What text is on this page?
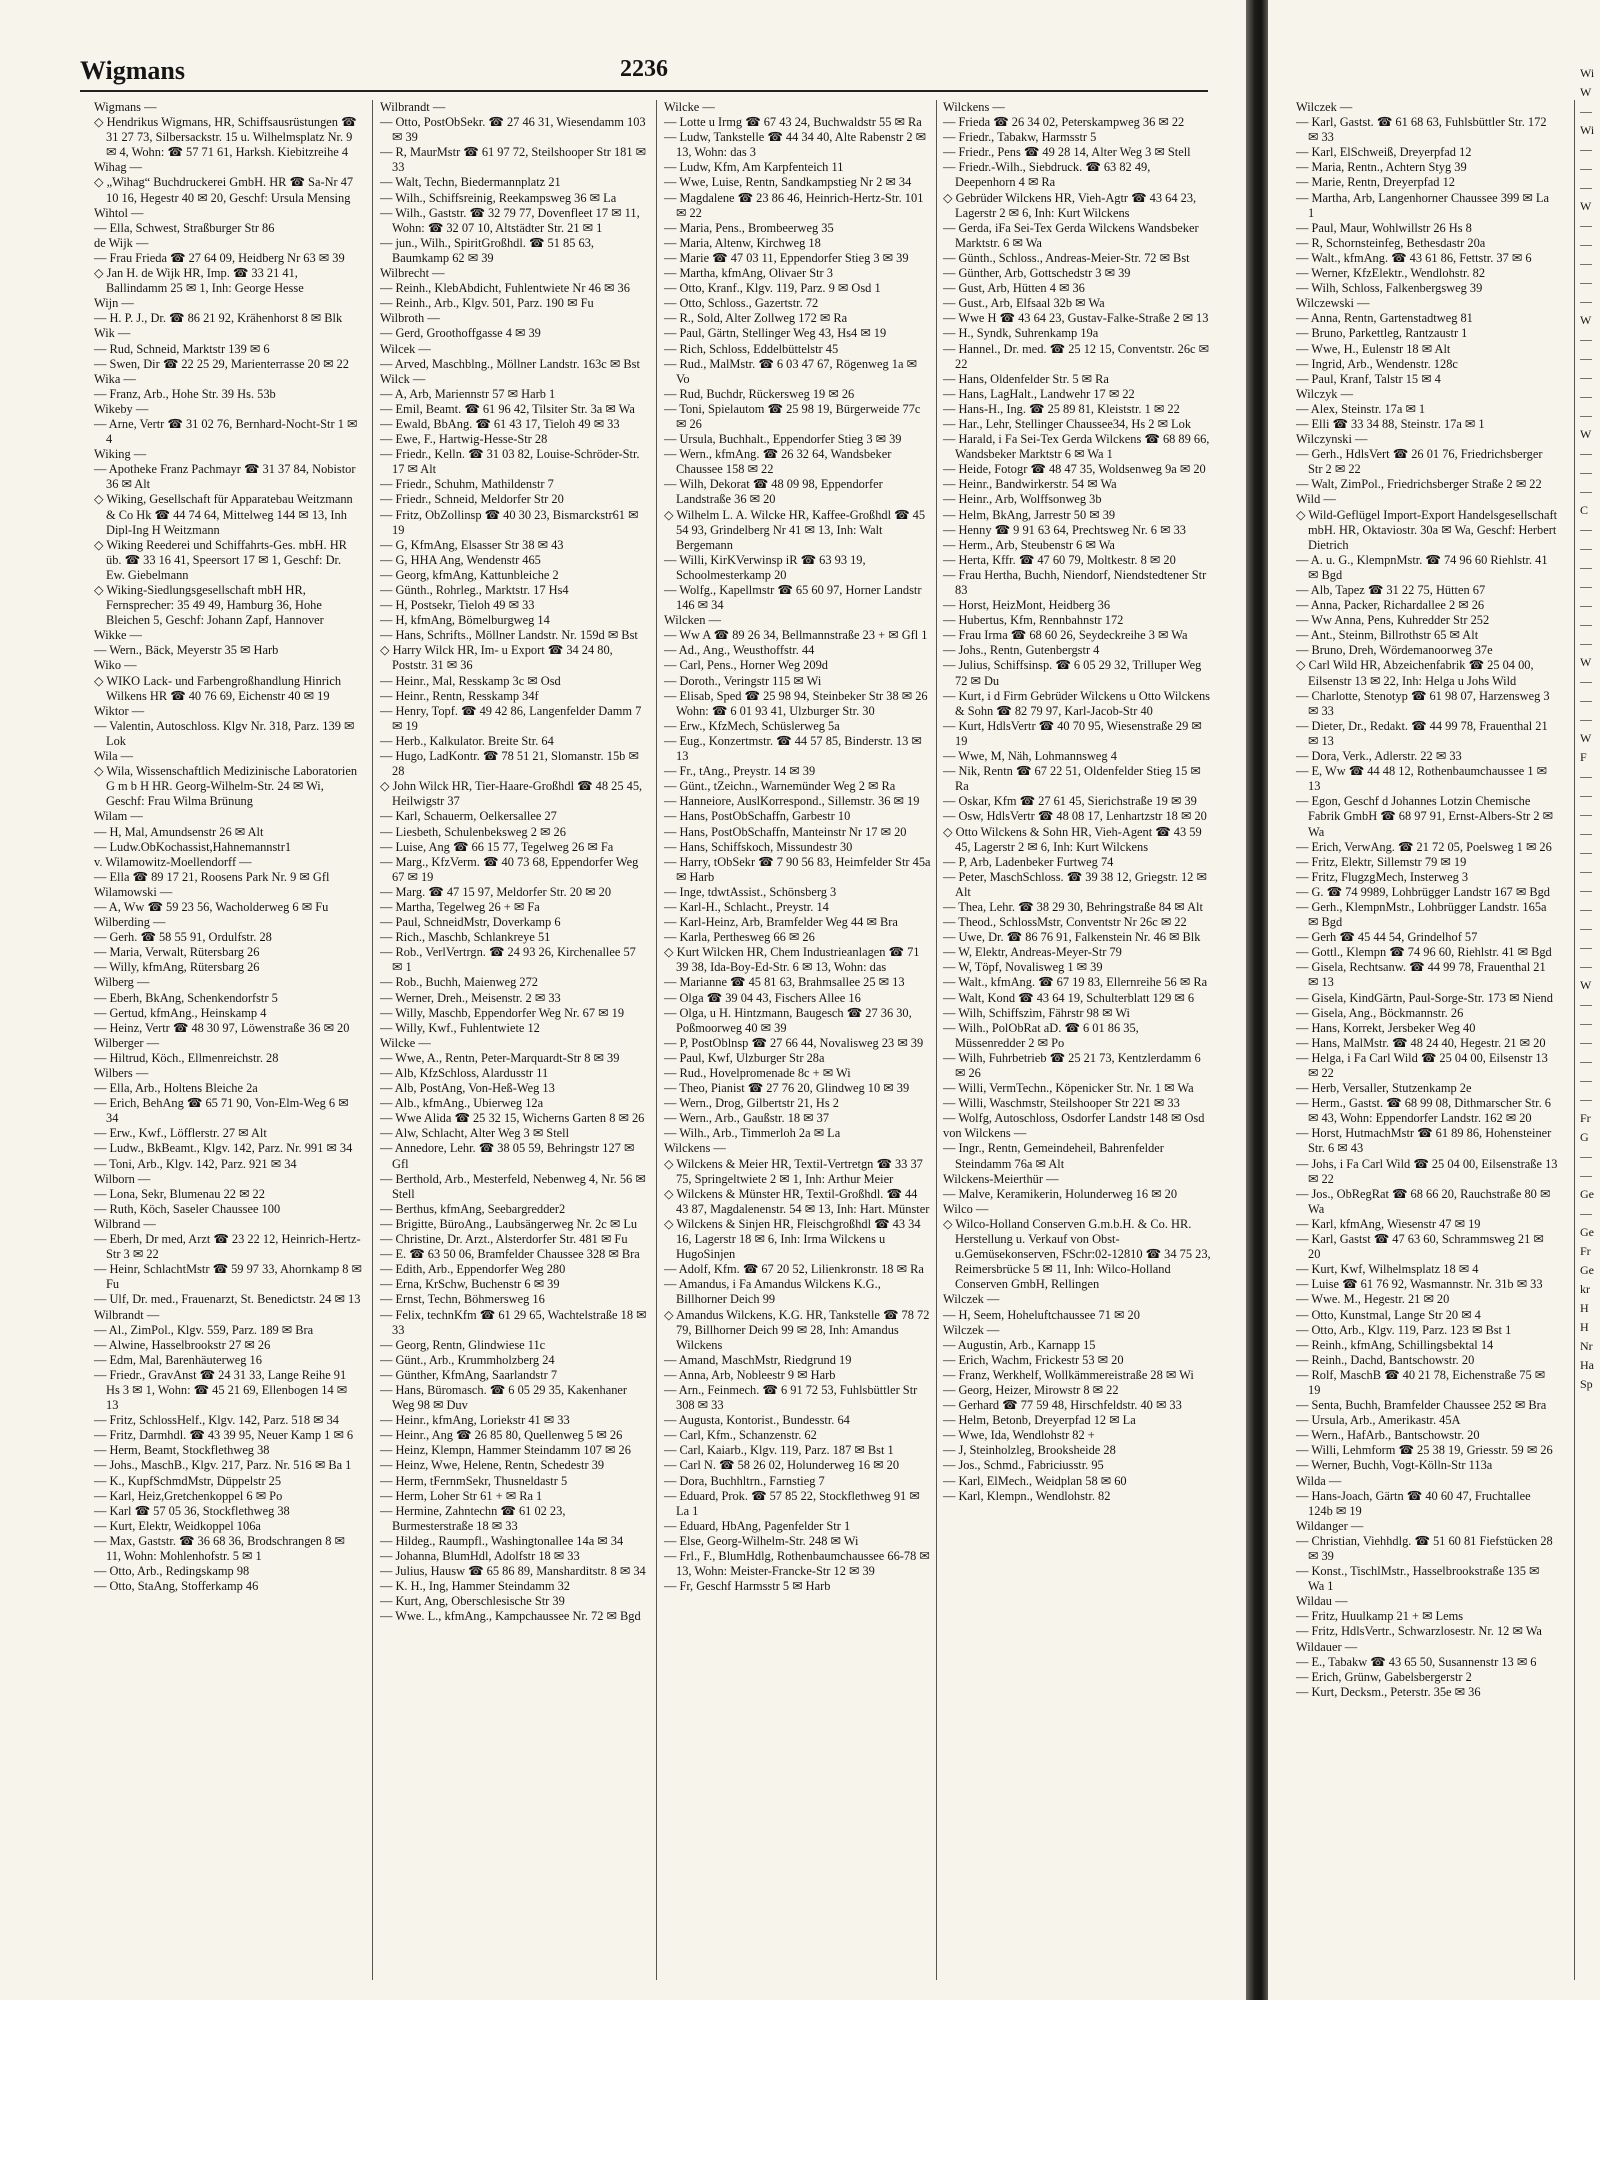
Wigmans	2236

Wigmans —

◇ Hendrikus Wigmans, HR, Schiffsausrüstungen ☎ 31 27 73, Silbersackstr. 15 u. Wilhelmsplatz Nr. 9 ✉ 4, Wohn: ☎ 57 71 61, Harksh. Kiebitzreihe 4

Wihag —

◇ „Wihag“ Buchdruckerei GmbH. HR ☎ Sa-Nr 47 10 16, Hegestr 40 ✉ 20, Geschf: Ursula Mensing

Wihtol —

— Ella, Schwest, Straßburger Str 86

de Wijk —

— Frau Frieda ☎ 27 64 09, Heidberg Nr 63 ✉ 39

◇ Jan H. de Wijk HR, Imp. ☎ 33 21 41, Ballindamm 25 ✉ 1, Inh: George Hesse

Wijn —

— H. P. J., Dr. ☎ 86 21 92, Krähenhorst 8 ✉ Blk

Wik —

— Rud, Schneid, Marktstr 139 ✉ 6

— Swen, Dir ☎ 22 25 29, Marienterrasse 20 ✉ 22

Wika —

— Franz, Arb., Hohe Str. 39 Hs. 53b

Wikeby —

— Arne, Vertr ☎ 31 02 76, Bernhard-Nocht-Str 1 ✉ 4

Wiking —

— Apotheke Franz Pachmayr ☎ 31 37 84, Nobistor 36 ✉ Alt

◇ Wiking, Gesellschaft für Apparatebau Weitzmann & Co Hk ☎ 44 74 64, Mittelweg 144 ✉ 13, Inh Dipl-Ing H Weitzmann

◇ Wiking Reederei und Schiffahrts-Ges. mbH. HR üb. ☎ 33 16 41, Speersort 17 ✉ 1, Geschf: Dr. Ew. Giebelmann

◇ Wiking-Siedlungsgesellschaft mbH HR, Fernsprecher: 35 49 49, Hamburg 36, Hohe Bleichen 5, Geschf: Johann Zapf, Hannover

Wikke —

— Wern., Bäck, Meyerstr 35 ✉ Harb

Wiko —

◇ WIKO Lack- und Farbengroßhandlung Hinrich Wilkens HR ☎ 40 76 69, Eichenstr 40 ✉ 19

Wiktor —

— Valentin, Autoschloss. Klgv Nr. 318, Parz. 139 ✉ Lok

Wila —

◇ Wila, Wissenschaftlich Medizinische Laboratorien G m b H HR. Georg-Wilhelm-Str. 24 ✉ Wi, Geschf: Frau Wilma Brünung

Wilam —

— H, Mal, Amundsenstr 26 ✉ Alt

— Ludw.ObKochassist,Hahnemannstr1

v. Wilamowitz-Moellendorff —

— Ella ☎ 89 17 21, Roosens Park Nr. 9 ✉ Gfl

Wilamowski —

— A, Ww ☎ 59 23 56, Wacholderweg 6 ✉ Fu

Wilberding —

— Gerh. ☎ 58 55 91, Ordulfstr. 28

— Maria, Verwalt, Rütersbarg 26

— Willy, kfmAng, Rütersbarg 26

Wilberg —

— Eberh, BkAng, Schenkendorfstr 5

— Gertud, kfmAng., Heinskamp 4

— Heinz, Vertr ☎ 48 30 97, Löwenstraße 36 ✉ 20

Wilberger —

— Hiltrud, Köch., Ellmenreichstr. 28

Wilbers —

— Ella, Arb., Holtens Bleiche 2a

— Erich, BehAng ☎ 65 71 90, Von-Elm-Weg 6 ✉ 34

— Erw., Kwf., Löfflerstr. 27 ✉ Alt

— Ludw., BkBeamt., Klgv. 142, Parz. Nr. 991 ✉ 34

— Toni, Arb., Klgv. 142, Parz. 921 ✉ 34

Wilborn —

— Lona, Sekr, Blumenau 22 ✉ 22

— Ruth, Köch, Saseler Chaussee 100

Wilbrand —

— Eberh, Dr med, Arzt ☎ 23 22 12, Heinrich-Hertz-Str 3 ✉ 22

— Heinr, SchlachtMstr ☎ 59 97 33, Ahornkamp 8 ✉ Fu

— Ulf, Dr. med., Frauenarzt, St. Benedictstr. 24 ✉ 13

Wilbrandt —

— Al., ZimPol., Klgv. 559, Parz. 189 ✉ Bra

— Alwine, Hasselbrookstr 27 ✉ 26

— Edm, Mal, Barenhäuterweg 16

— Friedr., GravAnst ☎ 24 31 33, Lange Reihe 91 Hs 3 ✉ 1, Wohn: ☎ 45 21 69, Ellenbogen 14 ✉ 13

— Fritz, SchlossHelf., Klgv. 142, Parz. 518 ✉ 34

— Fritz, Darmhdl. ☎ 43 39 95, Neuer Kamp 1 ✉ 6

— Herm, Beamt, Stockflethweg 38

— Johs., MaschB., Klgv. 217, Parz. Nr. 516 ✉ Ba 1

— K., KupfSchmdMstr, Düppelstr 25

— Karl, Heiz,Gretchenkoppel 6 ✉ Po

— Karl ☎ 57 05 36, Stockflethweg 38

— Kurt, Elektr, Weidkoppel 106a

— Max, Gaststr. ☎ 36 68 36, Brodschrangen 8 ✉ 11, Wohn: Mohlenhofstr. 5 ✉ 1

— Otto, Arb., Redingskamp 98

— Otto, StaAng, Stofferkamp 46

Wilbrandt —

— Otto, PostObSekr. ☎ 27 46 31, Wiesendamm 103 ✉ 39

— R, MaurMstr ☎ 61 97 72, Steilshooper Str 181 ✉ 33

— Walt, Techn, Biedermannplatz 21

— Wilh., Schiffsreinig, Reekampsweg 36 ✉ La

— Wilh., Gaststr. ☎ 32 79 77, Dovenfleet 17 ✉ 11, Wohn: ☎ 32 07 10, Altstädter Str. 21 ✉ 1

— jun., Wilh., SpiritGroßhdl. ☎ 51 85 63, Baumkamp 62 ✉ 39

Wilbrecht —

— Reinh., KlebAbdicht, Fuhlentwiete Nr 46 ✉ 36

— Reinh., Arb., Klgv. 501, Parz. 190 ✉ Fu

Wilbroth —

— Gerd, Groothoffgasse 4 ✉ 39

Wilcek —

— Arved, Maschblng., Möllner Landstr. 163c ✉ Bst

Wilck —

— A, Arb, Mariennstr 57 ✉ Harb 1

— Emil, Beamt. ☎ 61 96 42, Tilsiter Str. 3a ✉ Wa

— Ewald, BbAng. ☎ 61 43 17, Tieloh 49 ✉ 33

— Ewe, F., Hartwig-Hesse-Str 28

— Friedr., Kelln. ☎ 31 03 82, Louise-Schröder-Str. 17 ✉ Alt

— Friedr., Schuhm, Mathildenstr 7

— Friedr., Schneid, Meldorfer Str 20

— Fritz, ObZollinsp ☎ 40 30 23, Bismarckstr61 ✉ 19

— G, KfmAng, Elsasser Str 38 ✉ 43

— G, HHA Ang, Wendenstr 465

— Georg, kfmAng, Kattunbleiche 2

— Günth., Rohrleg., Marktstr. 17 Hs4

— H, Postsekr, Tieloh 49 ✉ 33

— H, kfmAng, Bömelburgweg 14

— Hans, Schrifts., Möllner Landstr. Nr. 159d ✉ Bst

◇ Harry Wilck HR, Im- u Export ☎ 34 24 80, Poststr. 31 ✉ 36

— Heinr., Mal, Resskamp 3c ✉ Osd

— Heinr., Rentn, Resskamp 34f

— Henry, Topf. ☎ 49 42 86, Langenfelder Damm 7 ✉ 19

— Herb., Kalkulator. Breite Str. 64

— Hugo, LadKontr. ☎ 78 51 21, Slomanstr. 15b ✉ 28

◇ John Wilck HR, Tier-Haare-Großhdl ☎ 48 25 45, Heilwigstr 37

— Karl, Schauerm, Oelkersallee 27

— Liesbeth, Schulenbeksweg 2 ✉ 26

— Luise, Ang ☎ 66 15 77, Tegelweg 26 ✉ Fa

— Marg., KfzVerm. ☎ 40 73 68, Eppendorfer Weg 67 ✉ 19

— Marg. ☎ 47 15 97, Meldorfer Str. 20 ✉ 20

— Martha, Tegelweg 26 + ✉ Fa

— Paul, SchneidMstr, Doverkamp 6

— Rich., Maschb, Schlankreye 51

— Rob., VerlVertrgn. ☎ 24 93 26, Kirchenallee 57 ✉ 1

— Rob., Buchh, Maienweg 272

— Werner, Dreh., Meisenstr. 2 ✉ 33

— Willy, Maschb, Eppendorfer Weg Nr. 67 ✉ 19

— Willy, Kwf., Fuhlentwiete 12

Wilcke —

— Wwe, A., Rentn, Peter-Marquardt-Str 8 ✉ 39

— Alb, KfzSchloss, Alardusstr 11

— Alb, PostAng, Von-Heß-Weg 13

— Alb., kfmAng., Ubierweg 12a

— Wwe Alida ☎ 25 32 15, Wicherns Garten 8 ✉ 26

— Alw, Schlacht, Alter Weg 3 ✉ Stell

— Annedore, Lehr. ☎ 38 05 59, Behringstr 127 ✉ Gfl

— Berthold, Arb., Mesterfeld, Nebenweg 4, Nr. 56 ✉ Stell

— Berthus, kfmAng, Seebargredder2

— Brigitte, BüroAng., Laubsängerweg Nr. 2c ✉ Lu

— Christine, Dr. Arzt., Alsterdorfer Str. 481 ✉ Fu

— E. ☎ 63 50 06, Bramfelder Chaussee 328 ✉ Bra

— Edith, Arb., Eppendorfer Weg 280

— Erna, KrSchw, Buchenstr 6 ✉ 39

— Ernst, Techn, Böhmersweg 16

— Felix, technKfm ☎ 61 29 65, Wachtelstraße 18 ✉ 33

— Georg, Rentn, Glindwiese 11c

— Günt., Arb., Krummholzberg 24

— Günther, KfmAng, Saarlandstr 7

— Hans, Büromasch. ☎ 6 05 29 35, Kakenhaner Weg 98 ✉ Duv

— Heinr., kfmAng, Loriekstr 41 ✉ 33

— Heinr., Ang ☎ 26 85 80, Quellenweg 5 ✉ 26

— Heinz, Klempn, Hammer Steindamm 107 ✉ 26

— Heinz, Wwe, Helene, Rentn, Schedestr 39

— Herm, tFernmSekr, Thusneldastr 5

— Herm, Loher Str 61 + ✉ Ra 1

— Hermine, Zahntechn ☎ 61 02 23, Burmesterstraße 18 ✉ 33

— Hildeg., Raumpfl., Washingtonallee 14a ✉ 34

— Johanna, BlumHdl, Adolfstr 18 ✉ 33

— Julius, Hausw ☎ 65 86 89, Mansharditstr. 8 ✉ 34

— K. H., Ing, Hammer Steindamm 32

— Kurt, Ang, Oberschlesische Str 39

— Wwe. L., kfmAng., Kampchaussee Nr. 72 ✉ Bgd

Wilcke —

— Lotte u Irmg ☎ 67 43 24, Buchwaldstr 55 ✉ Ra

— Ludw, Tankstelle ☎ 44 34 40, Alte Rabenstr 2 ✉ 13, Wohn: das 3

— Ludw, Kfm, Am Karpfenteich 11

— Wwe, Luise, Rentn, Sandkampstieg Nr 2 ✉ 34

— Magdalene ☎ 23 86 46, Heinrich-Hertz-Str. 101 ✉ 22

— Maria, Pens., Brombeerweg 35

— Maria, Altenw, Kirchweg 18

— Marie ☎ 47 03 11, Eppendorfer Stieg 3 ✉ 39

— Martha, kfmAng, Olivaer Str 3

— Otto, Kranf., Klgv. 119, Parz. 9 ✉ Osd 1

— Otto, Schloss., Gazertstr. 72

— R., Sold, Alter Zollweg 172 ✉ Ra

— Paul, Gärtn, Stellinger Weg 43, Hs4 ✉ 19

— Rich, Schloss, Eddelbüttelstr 45

— Rud., MalMstr. ☎ 6 03 47 67, Rögenweg 1a ✉ Vo

— Rud, Buchdr, Rückersweg 19 ✉ 26

— Toni, Spielautom ☎ 25 98 19, Bürgerweide 77c ✉ 26

— Ursula, Buchhalt., Eppendorfer Stieg 3 ✉ 39

— Wern., kfmAng. ☎ 26 32 64, Wandsbeker Chaussee 158 ✉ 22

— Wilh, Dekorat ☎ 48 09 98, Eppendorfer Landstraße 36 ✉ 20

◇ Wilhelm L. A. Wilcke HR, Kaffee-Großhdl ☎ 45 54 93, Grindelberg Nr 41 ✉ 13, Inh: Walt Bergemann

— Willi, KirKVerwinsp iR ☎ 63 93 19, Schoolmesterkamp 20

— Wolfg., Kapellmstr ☎ 65 60 97, Horner Landstr 146 ✉ 34

Wilcken —

— Ww A ☎ 89 26 34, Bellmannstraße 23 + ✉ Gfl 1

— Ad., Ang., Weusthoffstr. 44

— Carl, Pens., Horner Weg 209d

— Doroth., Veringstr 115 ✉ Wi

— Elisab, Sped ☎ 25 98 94, Steinbeker Str 38 ✉ 26 Wohn: ☎ 6 01 93 41, Ulzburger Str. 30

— Erw., KfzMech, Schüslerweg 5a

— Eug., Konzertmstr. ☎ 44 57 85, Binderstr. 13 ✉ 13

— Fr., tAng., Preystr. 14 ✉ 39

— Günt., tZeichn., Warnemünder Weg 2 ✉ Ra

— Hanneiore, AuslKorrespond., Sillemstr. 36 ✉ 19

— Hans, PostObSchaffn, Garbestr 10

— Hans, PostObSchaffn, Manteinstr Nr 17 ✉ 20

— Hans, Schiffskoch, Missundestr 30

— Harry, tObSekr ☎ 7 90 56 83, Heimfelder Str 45a ✉ Harb

— Inge, tdwtAssist., Schönsberg 3

— Karl-H., Schlacht., Preystr. 14

— Karl-Heinz, Arb, Bramfelder Weg 44 ✉ Bra

— Karla, Perthesweg 66 ✉ 26

◇ Kurt Wilcken HR, Chem Industrieanlagen ☎ 71 39 38, Ida-Boy-Ed-Str. 6 ✉ 13, Wohn: das

— Marianne ☎ 45 81 63, Brahmsallee 25 ✉ 13

— Olga ☎ 39 04 43, Fischers Allee 16

— Olga, u H. Hintzmann, Baugesch ☎ 27 36 30, Poßmoorweg 40 ✉ 39

— P, PostOblnsp ☎ 27 66 44, Novalisweg 23 ✉ 39

— Paul, Kwf, Ulzburger Str 28a

— Rud., Hovelpromenade 8c + ✉ Wi

— Theo, Pianist ☎ 27 76 20, Glindweg 10 ✉ 39

— Wern., Drog, Gilbertstr 21, Hs 2

— Wern., Arb., Gaußstr. 18 ✉ 37

— Wilh., Arb., Timmerloh 2a ✉ La

Wilckens —

◇ Wilckens & Meier HR, Textil-Vertretgn ☎ 33 37 75, Springeltwiete 2 ✉ 1, Inh: Arthur Meier

◇ Wilckens & Münster HR, Textil-Großhdl. ☎ 44 43 87, Magdalenenstr. 54 ✉ 13, Inh: Hart. Münster

◇ Wilckens & Sinjen HR, Fleischgroßhdl ☎ 43 34 16, Lagerstr 18 ✉ 6, Inh: Irma Wilckens u HugoSinjen

— Adolf, Kfm. ☎ 67 20 52, Lilienkronstr. 18 ✉ Ra

— Amandus, i Fa Amandus Wilckens K.G., Billhorner Deich 99

◇ Amandus Wilckens, K.G. HR, Tankstelle ☎ 78 72 79, Billhorner Deich 99 ✉ 28, Inh: Amandus Wilckens

— Amand, MaschMstr, Riedgrund 19

— Anna, Arb, Nobleestr 9 ✉ Harb

— Arn., Feinmech. ☎ 6 91 72 53, Fuhlsbüttler Str 308 ✉ 33

— Augusta, Kontorist., Bundesstr. 64

— Carl, Kfm., Schanzenstr. 62

— Carl, Kaiarb., Klgv. 119, Parz. 187 ✉ Bst 1

— Carl N. ☎ 58 26 02, Holunderweg 16 ✉ 20

— Dora, Buchhltrn., Farnstieg 7

— Eduard, Prok. ☎ 57 85 22, Stockflethweg 91 ✉ La 1

— Eduard, HbAng, Pagenfelder Str 1

— Else, Georg-Wilhelm-Str. 248 ✉ Wi

— Frl., F., BlumHdlg, Rothenbaumchaussee 66-78 ✉ 13, Wohn: Meister-Francke-Str 12 ✉ 39

— Fr, Geschf Harmsstr 5 ✉ Harb

Wilckens —

— Frieda ☎ 26 34 02, Peterskampweg 36 ✉ 22

— Friedr., Tabakw, Harmsstr 5

— Friedr., Pens ☎ 49 28 14, Alter Weg 3 ✉ Stell

— Friedr.-Wilh., Siebdruck. ☎ 63 82 49, Deepenhorn 4 ✉ Ra

◇ Gebrüder Wilckens HR, Vieh-Agtr ☎ 43 64 23, Lagerstr 2 ✉ 6, Inh: Kurt Wilckens

— Gerda, iFa Sei-Tex Gerda Wilckens Wandsbeker Marktstr. 6 ✉ Wa

— Günth., Schloss., Andreas-Meier-Str. 72 ✉ Bst

— Günther, Arb, Gottschedstr 3 ✉ 39

— Gust, Arb, Hütten 4 ✉ 36

— Gust., Arb, Elfsaal 32b ✉ Wa

— Wwe H ☎ 43 64 23, Gustav-Falke-Straße 2 ✉ 13

— H., Syndk, Suhrenkamp 19a

— Hannel., Dr. med. ☎ 25 12 15, Conventstr. 26c ✉ 22

— Hans, Oldenfelder Str. 5 ✉ Ra

— Hans, LagHalt., Landwehr 17 ✉ 22

— Hans-H., Ing. ☎ 25 89 81, Kleiststr. 1 ✉ 22

— Har., Lehr, Stellinger Chaussee34, Hs 2 ✉ Lok

— Harald, i Fa Sei-Tex Gerda Wilckens ☎ 68 89 66, Wandsbeker Marktstr 6 ✉ Wa 1

— Heide, Fotogr ☎ 48 47 35, Woldsenweg 9a ✉ 20

— Heinr., Bandwirkerstr. 54 ✉ Wa

— Heinr., Arb, Wolffsonweg 3b

— Helm, BkAng, Jarrestr 50 ✉ 39

— Henny ☎ 9 91 63 64, Prechtsweg Nr. 6 ✉ 33

— Herm., Arb, Steubenstr 6 ✉ Wa

— Herta, Kffr. ☎ 47 60 79, Moltkestr. 8 ✉ 20

— Frau Hertha, Buchh, Niendorf, Niendstedtener Str 83

— Horst, HeizMont, Heidberg 36

— Hubertus, Kfm, Rennbahnstr 172

— Frau Irma ☎ 68 60 26, Seydeckreihe 3 ✉ Wa

— Johs., Rentn, Gutenbergstr 4

— Julius, Schiffsinsp. ☎ 6 05 29 32, Trilluper Weg 72 ✉ Du

— Kurt, i d Firm Gebrüder Wilckens u Otto Wilckens & Sohn ☎ 82 79 97, Karl-Jacob-Str 40

— Kurt, HdlsVertr ☎ 40 70 95, Wiesenstraße 29 ✉ 19

— Wwe, M, Näh, Lohmannsweg 4

— Nik, Rentn ☎ 67 22 51, Oldenfelder Stieg 15 ✉ Ra

— Oskar, Kfm ☎ 27 61 45, Sierichstraße 19 ✉ 39

— Osw, HdlsVertr ☎ 48 08 17, Lenhartzstr 18 ✉ 20

◇ Otto Wilckens & Sohn HR, Vieh-Agent ☎ 43 59 45, Lagerstr 2 ✉ 6, Inh: Kurt Wilckens

— P, Arb, Ladenbeker Furtweg 74

— Peter, MaschSchloss. ☎ 39 38 12, Griegstr. 12 ✉ Alt

— Thea, Lehr. ☎ 38 29 30, Behringstraße 84 ✉ Alt

— Theod., SchlossMstr, Conventstr Nr 26c ✉ 22

— Uwe, Dr. ☎ 86 76 91, Falkenstein Nr. 46 ✉ Blk

— W, Elektr, Andreas-Meyer-Str 79

— W, Töpf, Novalisweg 1 ✉ 39

— Walt., kfmAng. ☎ 67 19 83, Ellernreihe 56 ✉ Ra

— Walt, Kond ☎ 43 64 19, Schulterblatt 129 ✉ 6

— Wilh, Schiffszim, Fährstr 98 ✉ Wi

— Wilh., PolObRat aD. ☎ 6 01 86 35, Müssenredder 2 ✉ Po

— Wilh, Fuhrbetrieb ☎ 25 21 73, Kentzlerdamm 6 ✉ 26

— Willi, VermTechn., Köpenicker Str. Nr. 1 ✉ Wa

— Willi, Waschmstr, Steilshooper Str 221 ✉ 33

— Wolfg, Autoschloss, Osdorfer Landstr 148 ✉ Osd

von Wilckens —

— Ingr., Rentn, Gemeindeheil, Bahrenfelder Steindamm 76a ✉ Alt

Wilckens-Meierthür —

— Malve, Keramikerin, Holunderweg 16 ✉ 20

Wilco —

◇ Wilco-Holland Conserven G.m.b.H. & Co. HR. Herstellung u. Verkauf von Obst-u.Gemüsekonserven, FSchr:02-12810 ☎ 34 75 23, Reimersbrücke 5 ✉ 11, Inh: Wilco-Holland Conserven GmbH, Rellingen

Wilczek —

— H, Seem, Hoheluftchaussee 71 ✉ 20

Wilczek —

— Augustin, Arb., Karnapp 15

— Erich, Wachm, Frickestr 53 ✉ 20

— Franz, Werkhelf, Wollkämmereistraße 28 ✉ Wi

— Georg, Heizer, Mirowstr 8 ✉ 22

— Gerhard ☎ 77 59 48, Hirschfeldstr. 40 ✉ 33

— Helm, Betonb, Dreyerpfad 12 ✉ La

— Wwe, Ida, Wendlohstr 82 +

— J, Steinholzleg, Brooksheide 28

— Jos., Schmd., Fabriciusstr. 95

— Karl, ElMech., Weidplan 58 ✉ 60

— Karl, Klempn., Wendlohstr. 82

Wilczek —

— Karl, Gastst. ☎ 61 68 63, Fuhlsbüttler Str. 172 ✉ 33

— Karl, ElSchweiß, Dreyerpfad 12

— Maria, Rentn., Achtern Styg 39

— Marie, Rentn, Dreyerpfad 12

— Martha, Arb, Langenhorner Chaussee 399 ✉ La 1

— Paul, Maur, Wohlwillstr 26 Hs 8

— R, Schornsteinfeg, Bethesdastr 20a

— Walt., kfmAng. ☎ 43 61 86, Fettstr. 37 ✉ 6

— Werner, KfzElektr., Wendlohstr. 82

— Wilh, Schloss, Falkenbergsweg 39

Wilczewski —

— Anna, Rentn, Gartenstadtweg 81

— Bruno, Parkettleg, Rantzaustr 1

— Wwe, H., Eulenstr 18 ✉ Alt

— Ingrid, Arb., Wendenstr. 128c

— Paul, Kranf, Talstr 15 ✉ 4

Wilczyk —

— Alex, Steinstr. 17a ✉ 1

— Elli ☎ 33 34 88, Steinstr. 17a ✉ 1

Wilczynski —

— Gerh., HdlsVert ☎ 26 01 76, Friedrichsberger Str 2 ✉ 22

— Walt, ZimPol., Friedrichsberger Straße 2 ✉ 22

Wild —

◇ Wild-Geflügel Import-Export Handelsgesellschaft mbH. HR, Oktaviostr. 30a ✉ Wa, Geschf: Herbert Dietrich

— A. u. G., KlempnMstr. ☎ 74 96 60 Riehlstr. 41 ✉ Bgd

— Alb, Tapez ☎ 31 22 75, Hütten 67

— Anna, Packer, Richardallee 2 ✉ 26

— Ww Anna, Pens, Kuhredder Str 252

— Ant., Steinm, Billrothstr 65 ✉ Alt

— Bruno, Dreh, Wördemanoorweg 37e

◇ Carl Wild HR, Abzeichenfabrik ☎ 25 04 00, Eilsenstr 13 ✉ 22, Inh: Helga u Johs Wild

— Charlotte, Stenotyp ☎ 61 98 07, Harzensweg 3 ✉ 33

— Dieter, Dr., Redakt. ☎ 44 99 78, Frauenthal 21 ✉ 13

— Dora, Verk., Adlerstr. 22 ✉ 33

— E, Ww ☎ 44 48 12, Rothenbaumchaussee 1 ✉ 13

— Egon, Geschf d Johannes Lotzin Chemische Fabrik GmbH ☎ 68 97 91, Ernst-Albers-Str 2 ✉ Wa

— Erich, VerwAng. ☎ 21 72 05, Poelsweg 1 ✉ 26

— Fritz, Elektr, Sillemstr 79 ✉ 19

— Fritz, FlugzgMech, Insterweg 3

— G. ☎ 74 9989, Lohbrügger Landstr 167 ✉ Bgd

— Gerh., KlempnMstr., Lohbrügger Landstr. 165a ✉ Bgd

— Gerh ☎ 45 44 54, Grindelhof 57

— Gottl., Klempn ☎ 74 96 60, Riehlstr. 41 ✉ Bgd

— Gisela, Rechtsanw. ☎ 44 99 78, Frauenthal 21 ✉ 13

— Gisela, KindGärtn, Paul-Sorge-Str. 173 ✉ Niend

— Gisela, Ang., Böckmannstr. 26

— Hans, Korrekt, Jersbeker Weg 40

— Hans, MalMstr. ☎ 48 24 40, Hegestr. 21 ✉ 20

— Helga, i Fa Carl Wild ☎ 25 04 00, Eilsenstr 13 ✉ 22

— Herb, Versaller, Stutzenkamp 2e

— Herm., Gastst. ☎ 68 99 08, Dithmarscher Str. 6 ✉ 43, Wohn: Eppendorfer Landstr. 162 ✉ 20

— Horst, HutmachMstr ☎ 61 89 86, Hohensteiner Str. 6 ✉ 43

— Johs, i Fa Carl Wild ☎ 25 04 00, Eilsenstraße 13 ✉ 22

— Jos., ObRegRat ☎ 68 66 20, Rauchstraße 80 ✉ Wa

— Karl, kfmAng, Wiesenstr 47 ✉ 19

— Karl, Gastst ☎ 47 63 60, Schrammsweg 21 ✉ 20

— Kurt, Kwf, Wilhelmsplatz 18 ✉ 4

— Luise ☎ 61 76 92, Wasmannstr. Nr. 31b ✉ 33

— Wwe. M., Hegestr. 21 ✉ 20

— Otto, Kunstmal, Lange Str 20 ✉ 4

— Otto, Arb., Klgv. 119, Parz. 123 ✉ Bst 1

— Reinh., kfmAng, Schillingsbektal 14

— Reinh., Dachd, Bantschowstr. 20

— Rolf, MaschB ☎ 40 21 78, Eichenstraße 75 ✉ 19

— Senta, Buchh, Bramfelder Chaussee 252 ✉ Bra

— Ursula, Arb., Amerikastr. 45A

— Wern., HafArb., Bantschowstr. 20

— Willi, Lehmform ☎ 25 38 19, Griesstr. 59 ✉ 26

— Werner, Buchh, Vogt-Kölln-Str 113a

Wilda —

— Hans-Joach, Gärtn ☎ 40 60 47, Fruchtallee 124b ✉ 19

Wildanger —

— Christian, Viehhdlg. ☎ 51 60 81 Fiefstücken 28 ✉ 39

— Konst., TischlMstr., Hasselbrookstraße 135 ✉ Wa 1

Wildau —

— Fritz, Huulkamp 21 + ✉ Lems

— Fritz, HdlsVertr., Schwarzlosestr. Nr. 12 ✉ Wa

Wildauer —

— E., Tabakw ☎ 43 65 50, Susannenstr 13 ✉ 6

— Erich, Grünw, Gabelsbergerstr 2

— Kurt, Decksm., Peterstr. 35e ✉ 36

Wi
W
—
Wi
—
—
—
W
—
—
—
—
—
W
—
—
—
—
—
W
—
—
—
C
—
—
—
—
—
—
—
W
—
—
—
W
F
—
—
—
—
—
—
—
—
—
—
—
W
—
—
—
—
—
—
Fr
G
—
—
Ge
—
Ge
Fr
Ge
kr
H
H
Nr
Ha
Sp
